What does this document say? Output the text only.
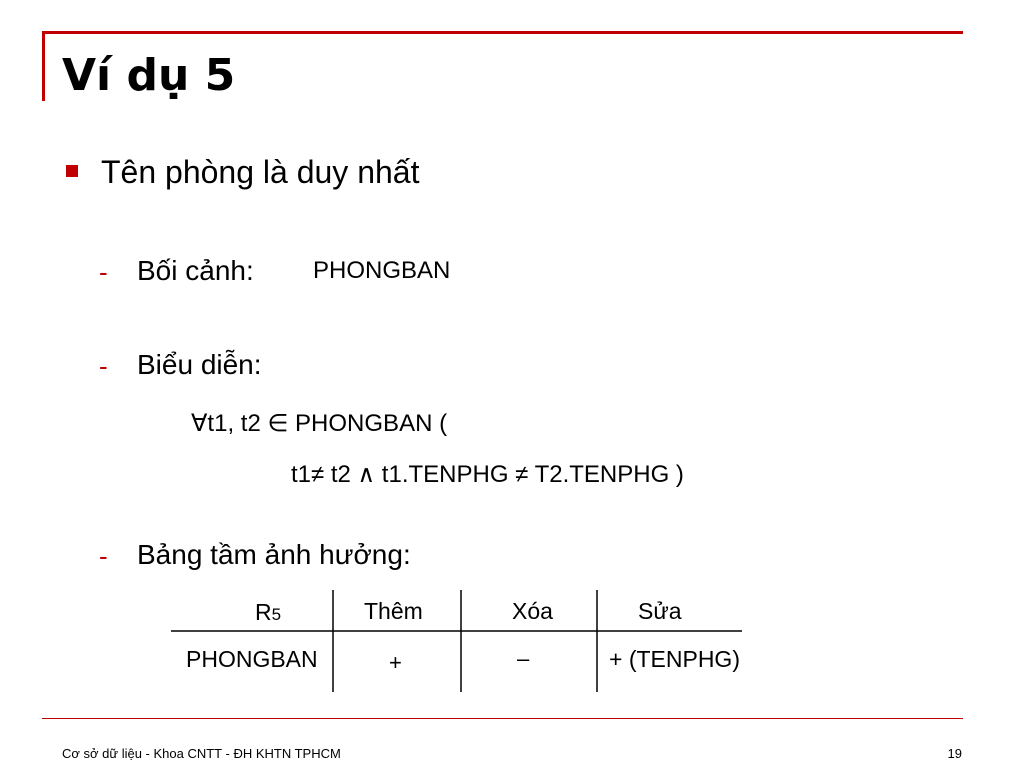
Ví dụ 5
Tên phòng là duy nhất
- Bối cảnh: PHONGBAN
- Biểu diễn:
∀t1, t2 ∈ PHONGBAN (
t1≠ t2 ∧ t1.TENPHG ≠ T2.TENPHG )
- Bảng tầm ảnh hưởng:
R5	Thêm	Xóa	Sửa
PHONGBAN	+	–	+ (TENPHG)
Cơ sở dữ liệu - Khoa CNTT - ĐH KHTN TPHCM	19
